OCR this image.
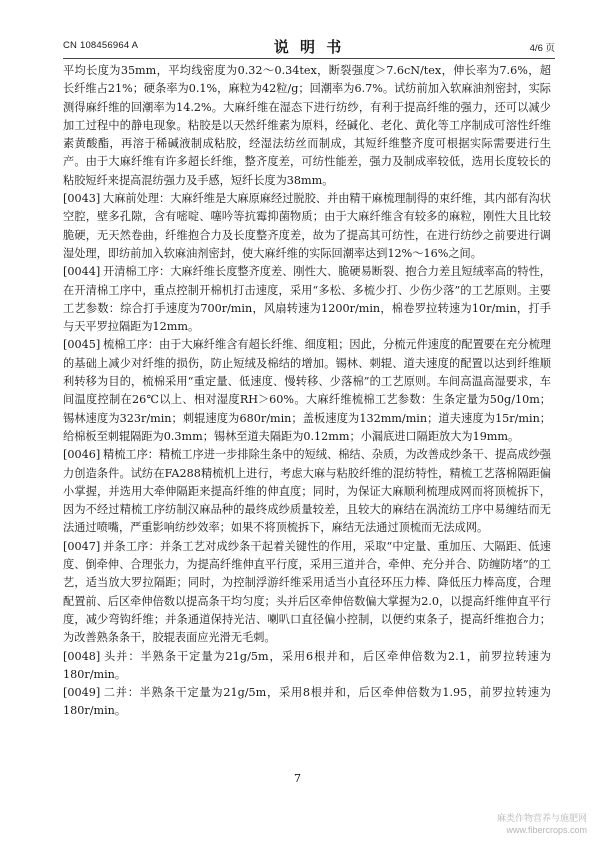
CN 108456964 A	说 明 书	4/6 页

平均长度为35mm，平均线密度为0.32～0.34tex，断裂强度＞7.6cN/tex，伸长率为7.6%，超长纤维占21%；硬条率为0.1%，麻粒为42粒/g；回潮率为6.7%。试纺前加入软麻油剂密封，实际测得麻纤维的回潮率为14.2%。大麻纤维在湿态下进行纺纱，有利于提高纤维的强力，还可以减少加工过程中的静电现象。粘胶是以天然纤维素为原料，经碱化、老化、黄化等工序制成可溶性纤维素黄酸酯，再溶于稀碱液制成粘胶，经湿法纺丝而制成，其短纤维整齐度可根据实际需要进行生产。由于大麻纤维有许多超长纤维，整齐度差，可纺性能差，强力及制成率较低，选用长度较长的粘胶短纤来提高混纺强力及手感，短纤长度为38mm。

[0043] 大麻前处理：大麻纤维是大麻原麻经过脱胶、并由精干麻梳理制得的束纤维，其内部有沟状空腔，壁多孔隙，含有嘧啶、噻吟等抗霉抑菌物质；由于大麻纤维含有较多的麻粒，刚性大且比较脆硬，无天然卷曲，纤维抱合力及长度整齐度差，故为了提高其可纺性，在进行纺纱之前要进行调湿处理，即纺前加入软麻油剂密封，使大麻纤维的实际回潮率达到12%～16%之间。

[0044] 开清棉工序：大麻纤维长度整齐度差、刚性大、脆硬易断裂、抱合力差且短绒率高的特性，在开清棉工序中，重点控制开棉机打击速度，采用“多松、多梳少打、少伤少落”的工艺原则。主要工艺参数：综合打手速度为700r/min，风扇转速为1200r/min，棉卷罗拉转速为10r/min，打手与天平罗拉隔距为12mm。

[0045] 梳棉工序：由于大麻纤维含有超长纤维、细度粗；因此，分梳元件速度的配置要在充分梳理的基础上减少对纤维的损伤，防止短绒及棉结的增加。锡林、刺辊、道夫速度的配置以达到纤维顺利转移为目的，梳棉采用“重定量、低速度、慢转移、少落棉”的工艺原则。车间高温高湿要求，车间温度控制在26℃以上、相对湿度RH＞60%。大麻纤维梳棉工艺参数：生条定量为50g/10m；锡林速度为323r/min；刺辊速度为680r/min；盖板速度为132mm/min；道夫速度为15r/min；给棉板至刺辊隔距为0.3mm；锡林至道夫隔距为0.12mm；小漏底进口隔距放大为19mm。

[0046] 精梳工序：精梳工序进一步排除生条中的短绒、棉结、杂质，为改善成纱条干、提高成纱强力创造条件。试纺在FA288精梳机上进行，考虑大麻与粘胶纤维的混纺特性，精梳工艺落棉隔距偏小掌握，并选用大牵伸隔距来提高纤维的伸直度；同时，为保证大麻顺利梳理成网而将顶梳拆下，因为不经过精梳工序纺制汉麻品种的最终成纱质量较差，且较大的麻结在涡流纺工序中易缠结而无法通过喷嘴，严重影响纺纱效率；如果不将顶梳拆下，麻结无法通过顶梳而无法成网。

[0047] 并条工序：并条工艺对成纱条干起着关键性的作用，采取“中定量、重加压、大隔距、低速度、倒牵伸、合理张力，为提高纤维伸直平行度，采用三道并合，牵伸、充分并合、防缠防堵”的工艺，适当放大罗拉隔距；同时，为控制浮游纤维采用适当小直径环压力棒、降低压力棒高度，合理配置前、后区牵伸倍数以提高条干均匀度；头并后区牵伸倍数偏大掌握为2.0，以提高纤维伸直平行度，减少弯钩纤维；并条通道保持光洁、喇叭口直径偏小控制，以便约束条子，提高纤维抱合力；为改善熟条条干，胶辊表面应光滑无毛刺。

[0048] 头并：半熟条干定量为21g/5m，采用6根并和，后区牵伸倍数为2.1，前罗拉转速为180r/min。

[0049] 二并：半熟条干定量为21g/5m，采用8根并和，后区牵伸倍数为1.95，前罗拉转速为180r/min。

7
麻类作物营养与施肥网
www.fibercrops.com
